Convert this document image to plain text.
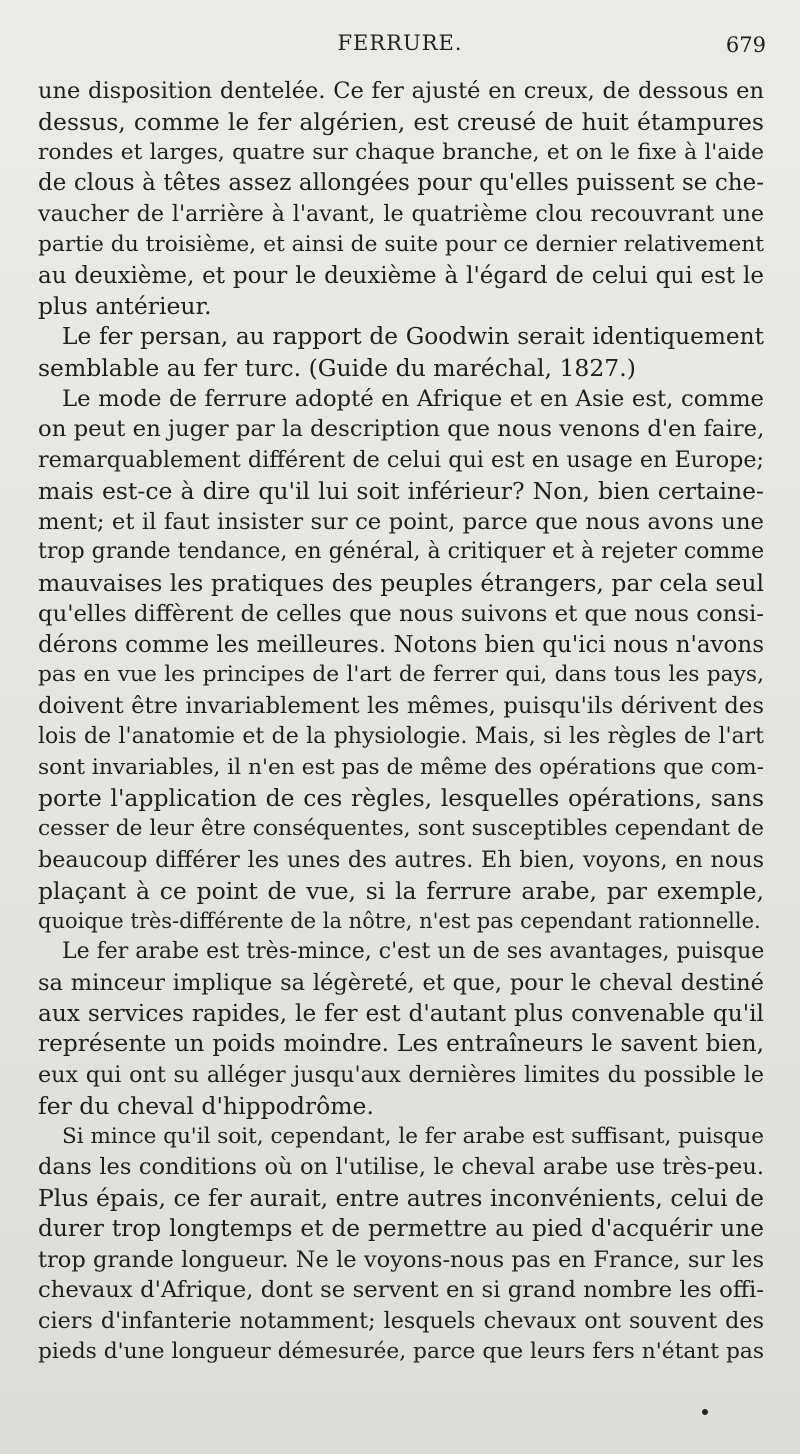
FERRURE.	679
une disposition dentelée. Ce fer ajusté en creux, de dessous en
dessus, comme le fer algérien, est creusé de huit étampures
rondes et larges, quatre sur chaque branche, et on le fixe à l'aide
de clous à têtes assez allongées pour qu'elles puissent se che-
vaucher de l'arrière à l'avant, le quatrième clou recouvrant une
partie du troisième, et ainsi de suite pour ce dernier relativement
au deuxième, et pour le deuxième à l'égard de celui qui est le
plus antérieur.
Le fer persan, au rapport de Goodwin serait identiquement
semblable au fer turc. (Guide du maréchal, 1827.)
Le mode de ferrure adopté en Afrique et en Asie est, comme
on peut en juger par la description que nous venons d'en faire,
remarquablement différent de celui qui est en usage en Europe;
mais est-ce à dire qu'il lui soit inférieur? Non, bien certaine-
ment; et il faut insister sur ce point, parce que nous avons une
trop grande tendance, en général, à critiquer et à rejeter comme
mauvaises les pratiques des peuples étrangers, par cela seul
qu'elles diffèrent de celles que nous suivons et que nous consi-
dérons comme les meilleures. Notons bien qu'ici nous n'avons
pas en vue les principes de l'art de ferrer qui, dans tous les pays,
doivent être invariablement les mêmes, puisqu'ils dérivent des
lois de l'anatomie et de la physiologie. Mais, si les règles de l'art
sont invariables, il n'en est pas de même des opérations que com-
porte l'application de ces règles, lesquelles opérations, sans
cesser de leur être conséquentes, sont susceptibles cependant de
beaucoup différer les unes des autres. Eh bien, voyons, en nous
plaçant à ce point de vue, si la ferrure arabe, par exemple,
quoique très-différente de la nôtre, n'est pas cependant rationnelle.
Le fer arabe est très-mince, c'est un de ses avantages, puisque
sa minceur implique sa légèreté, et que, pour le cheval destiné
aux services rapides, le fer est d'autant plus convenable qu'il
représente un poids moindre. Les entraîneurs le savent bien,
eux qui ont su alléger jusqu'aux dernières limites du possible le
fer du cheval d'hippodrôme.
Si mince qu'il soit, cependant, le fer arabe est suffisant, puisque
dans les conditions où on l'utilise, le cheval arabe use très-peu.
Plus épais, ce fer aurait, entre autres inconvénients, celui de
durer trop longtemps et de permettre au pied d'acquérir une
trop grande longueur. Ne le voyons-nous pas en France, sur les
chevaux d'Afrique, dont se servent en si grand nombre les offi-
ciers d'infanterie notamment; lesquels chevaux ont souvent des
pieds d'une longueur démesurée, parce que leurs fers n'étant pas
